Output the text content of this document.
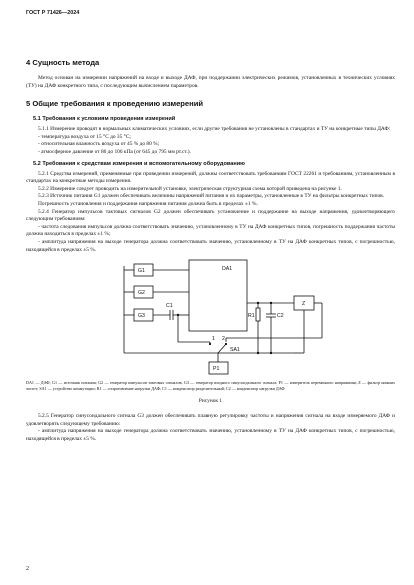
ГОСТ Р 71426—2024
4 Сущность метода
Метод основан на измерении напряжений на входе и выходе ДАФ, при поддержании электрических режимов, установленных в технических условиях (ТУ) на ДАФ конкретного типа, с последующим вычислением параметров.
5 Общие требования к проведению измерений
5.1 Требования к условиям проведения измерений
5.1.1 Измерение проводят в нормальных климатических условиях, если другие требования не установлены в стандартах и ТУ на конкретные типы ДАФ:
- температура воздуха от 15 °С до 35 °С;
- относительная влажность воздуха от 45 % до 80 %;
- атмосферное давление от 86 до 106 кПа (от 645 до 795 мм рт.ст.).
5.2 Требования к средствам измерения и вспомогательному оборудованию
5.2.1 Средства измерений, применяемые при проведении измерений, должны соответствовать требованиям ГОСТ 22261 и требованиям, установленным в стандартах на конкретные методы измерения.
5.2.2 Измерение следует проводить на измерительной установке, электрическая структурная схема которой приведена на рисунке 1.
5.2.3 Источник питания G1 должен обеспечивать величины напряжений питания и их параметры, установленные в ТУ на фильтры конкретных типов.
Погрешность установления и поддержания напряжения питания должна быть в пределах ±1 %.
5.2.4 Генератор импульсов тактовых сигналов G2 должен обеспечивать установление и поддержание на выходе напряжения, удовлетворяющего следующим требованиям:
- частота следования импульсов должна соответствовать значению, установленному в ТУ на ДАФ конкретных типов, погрешность поддержания частоты должна находиться в пределах ±1 %;
- амплитуда напряжения на выходе генератора должна соответствовать значению, установленному в ТУ на ДАФ конкретных типов, с погрешностью, находящейся в пределах ±5 %.
G1
G2
G3
DA1
C1
R1	C2
Z
1 2
SA1
P1
DA1 — ДАФ; G1 — источник питания; G2 — генератор импульсов тактовых сигналов; G3 — генератор входного синусоидального сигнала; P1 — измеритель переменного напряжения; Z — фильтр нижних частот; SA1 — устройство коммутации; R1 — сопротивление нагрузки ДАФ; C1 — конденсатор разделительный; C2 — конденсатор нагрузки ДАФ
Рисунок 1
5.2.5 Генератор синусоидального сигнала G3 должен обеспечивать плавную регулировку частоты и напряжения сигнала на входе измеряемого ДАФ и удовлетворять следующему требованию:
- амплитуда напряжения на выходе генератора должна соответствовать значению, установленному в ТУ на ДАФ конкретных типов, с погрешностью, находящейся в пределах ±5 %.
2
